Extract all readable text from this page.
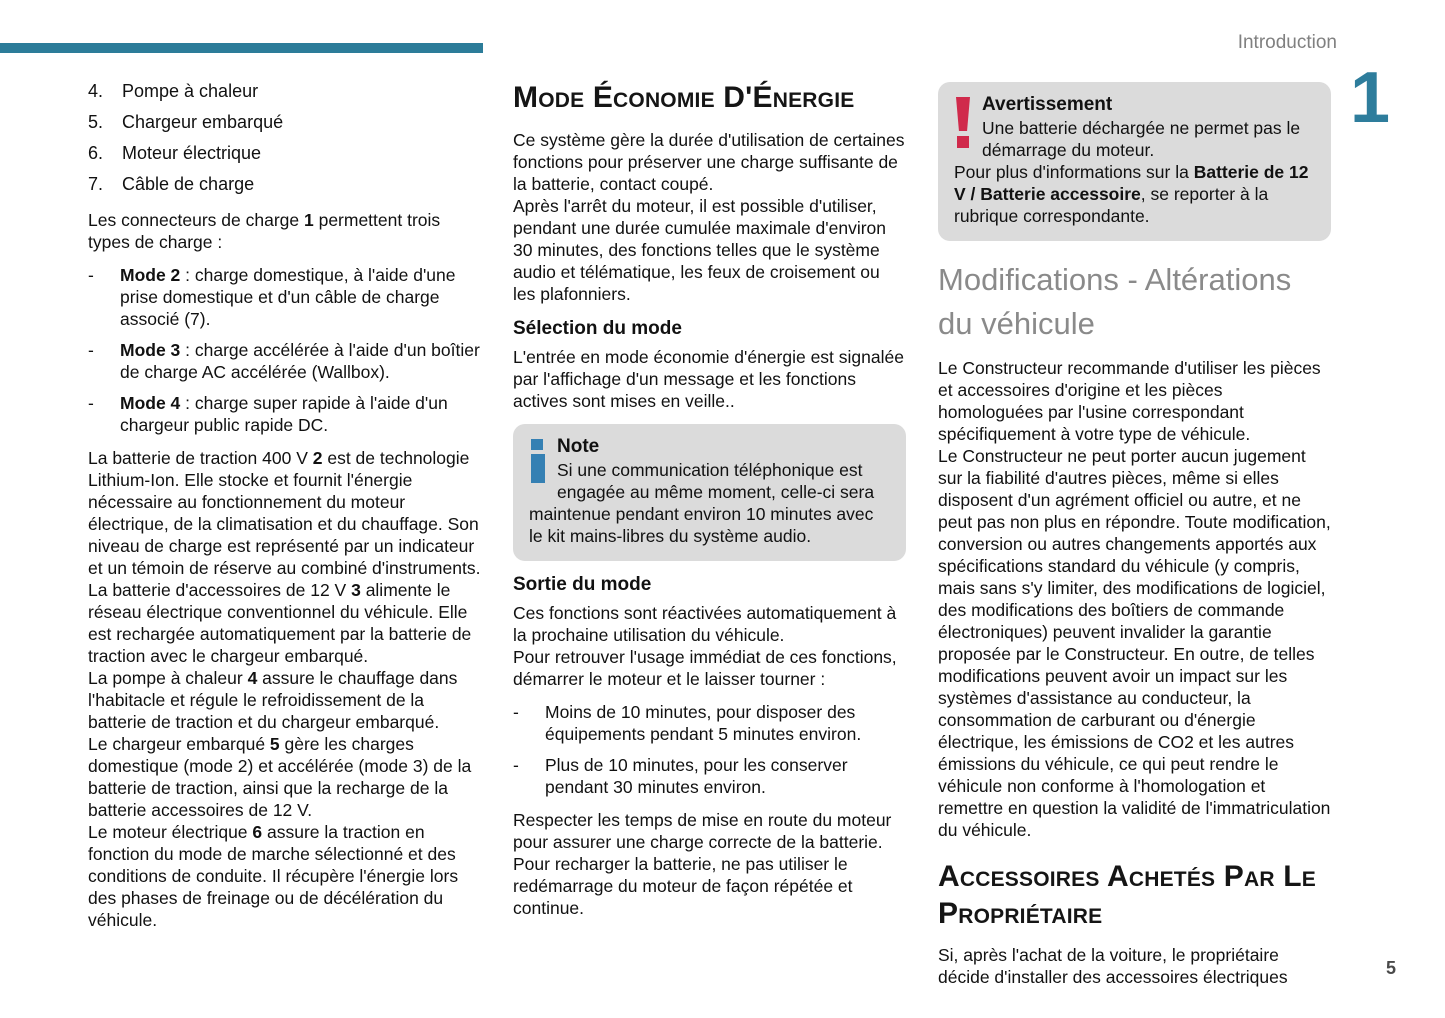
Introduction
1
5
4.	Pompe à chaleur
5.	Chargeur embarqué
6.	Moteur électrique
7.	Câble de charge

Les connecteurs de charge 1 permettent trois types de charge :

-	Mode 2 : charge domestique, à l'aide d'une prise domestique et d'un câble de charge associé (7).
-	Mode 3 : charge accélérée à l'aide d'un boîtier de charge AC accélérée (Wallbox).
-	Mode 4 : charge super rapide à l'aide d'un chargeur public rapide DC.

La batterie de traction 400 V 2 est de technologie Lithium-Ion. Elle stocke et fournit l'énergie nécessaire au fonctionnement du moteur électrique, de la climatisation et du chauffage. Son niveau de charge est représenté par un indicateur et un témoin de réserve au combiné d'instruments.

La batterie d'accessoires de 12 V 3 alimente le réseau électrique conventionnel du véhicule. Elle est rechargée automatiquement par la batterie de traction avec le chargeur embarqué.

La pompe à chaleur 4 assure le chauffage dans l'habitacle et régule le refroidissement de la batterie de traction et du chargeur embarqué.

Le chargeur embarqué 5 gère les charges domestique (mode 2) et accélérée (mode 3) de la batterie de traction, ainsi que la recharge de la batterie accessoires de 12 V.

Le moteur électrique 6 assure la traction en fonction du mode de marche sélectionné et des conditions de conduite. Il récupère l'énergie lors des phases de freinage ou de décélération du véhicule.

Mode Économie D'Énergie

Ce système gère la durée d'utilisation de certaines fonctions pour préserver une charge suffisante de la batterie, contact coupé.

Après l'arrêt du moteur, il est possible d'utiliser, pendant une durée cumulée maximale d'environ 30 minutes, des fonctions telles que le système audio et télématique, les feux de croisement ou les plafonniers.

Sélection du mode

L'entrée en mode économie d'énergie est signalée par l'affichage d'un message et les fonctions actives sont mises en veille..

Note

Si une communication téléphonique est engagée au même moment, celle-ci sera maintenue pendant environ 10 minutes avec le kit mains-libres du système audio.

Sortie du mode

Ces fonctions sont réactivées automatiquement à la prochaine utilisation du véhicule.

Pour retrouver l'usage immédiat de ces fonctions, démarrer le moteur et le laisser tourner :

-	Moins de 10 minutes, pour disposer des équipements pendant 5 minutes environ.
-	Plus de 10 minutes, pour les conserver pendant 30 minutes environ.

Respecter les temps de mise en route du moteur pour assurer une charge correcte de la batterie. Pour recharger la batterie, ne pas utiliser le redémarrage du moteur de façon répétée et continue.

Avertissement

Une batterie déchargée ne permet pas le démarrage du moteur.

Pour plus d'informations sur la Batterie de 12 V / Batterie accessoire, se reporter à la rubrique correspondante.

Modifications - Altérations du véhicule

Le Constructeur recommande d'utiliser les pièces et accessoires d'origine et les pièces homologuées par l'usine correspondant spécifiquement à votre type de véhicule.

Le Constructeur ne peut porter aucun jugement sur la fiabilité d'autres pièces, même si elles disposent d'un agrément officiel ou autre, et ne peut pas non plus en répondre. Toute modification, conversion ou autres changements apportés aux spécifications standard du véhicule (y compris, mais sans s'y limiter, des modifications de logiciel, des modifications des boîtiers de commande électroniques) peuvent invalider la garantie proposée par le Constructeur. En outre, de telles modifications peuvent avoir un impact sur les systèmes d'assistance au conducteur, la consommation de carburant ou d'énergie électrique, les émissions de CO2 et les autres émissions du véhicule, ce qui peut rendre le véhicule non conforme à l'homologation et remettre en question la validité de l'immatriculation du véhicule.

Accessoires Achetés Par Le Propriétaire

Si, après l'achat de la voiture, le propriétaire décide d'installer des accessoires électriques
